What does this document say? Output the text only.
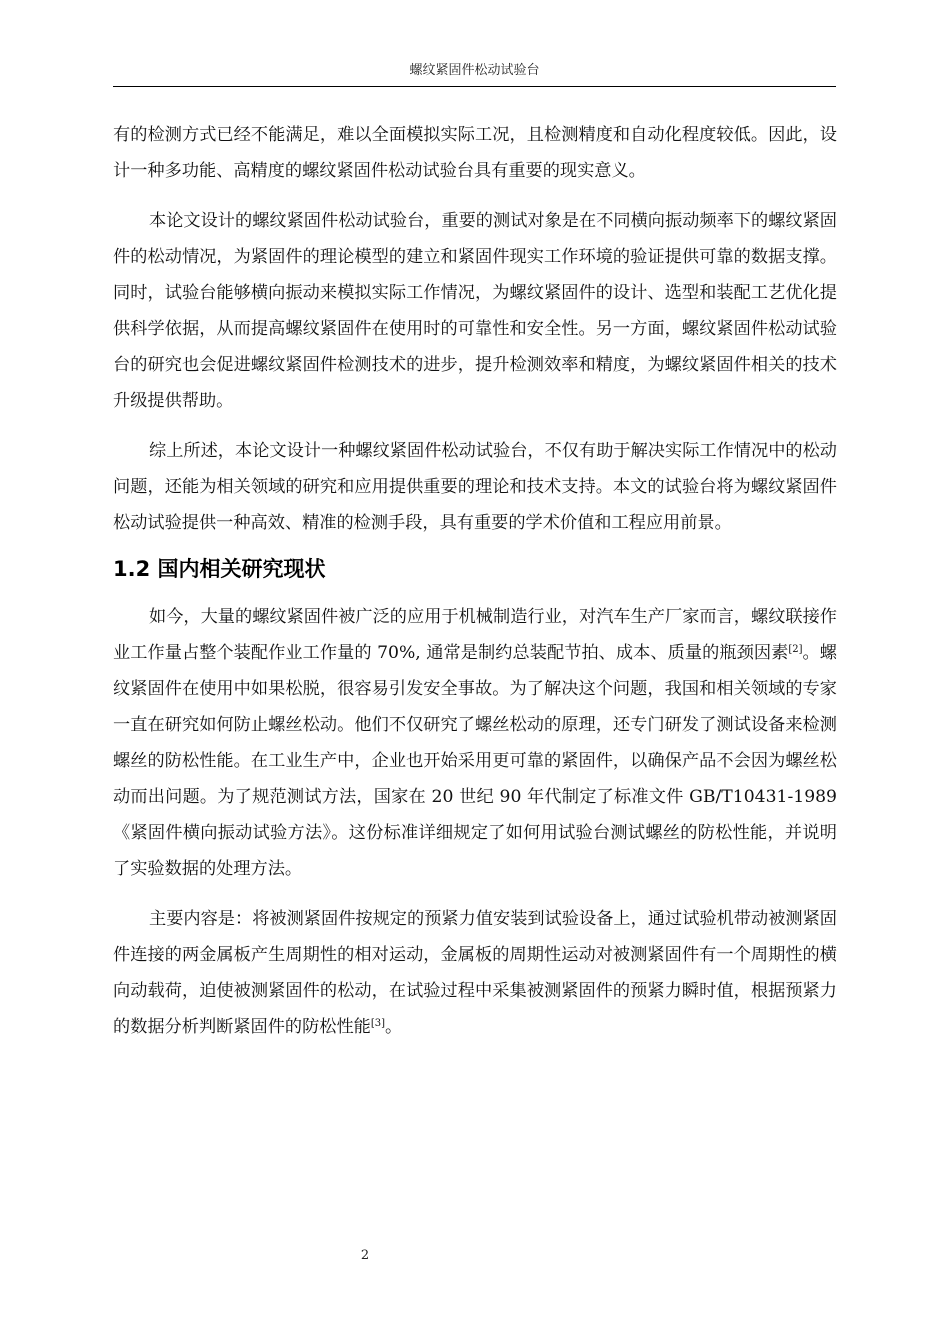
螺纹紧固件松动试验台

有的检测方式已经不能满足，难以全面模拟实际工况，且检测精度和自动化程度较低。因此，设计一种多功能、高精度的螺纹紧固件松动试验台具有重要的现实意义。

本论文设计的螺纹紧固件松动试验台，重要的测试对象是在不同横向振动频率下的螺纹紧固件的松动情况，为紧固件的理论模型的建立和紧固件现实工作环境的验证提供可靠的数据支撑。同时，试验台能够横向振动来模拟实际工作情况，为螺纹紧固件的设计、选型和装配工艺优化提供科学依据，从而提高螺纹紧固件在使用时的可靠性和安全性。另一方面，螺纹紧固件松动试验台的研究也会促进螺纹紧固件检测技术的进步，提升检测效率和精度，为螺纹紧固件相关的技术升级提供帮助。

综上所述，本论文设计一种螺纹紧固件松动试验台，不仅有助于解决实际工作情况中的松动问题，还能为相关领域的研究和应用提供重要的理论和技术支持。本文的试验台将为螺纹紧固件松动试验提供一种高效、精准的检测手段，具有重要的学术价值和工程应用前景。

1.2 国内相关研究现状

如今，大量的螺纹紧固件被广泛的应用于机械制造行业，对汽车生产厂家而言，螺纹联接作业工作量占整个装配作业工作量的 70%, 通常是制约总装配节拍、成本、质量的瓶颈因素[2]。螺纹紧固件在使用中如果松脱，很容易引发安全事故。为了解决这个问题，我国和相关领域的专家一直在研究如何防止螺丝松动。他们不仅研究了螺丝松动的原理，还专门研发了测试设备来检测螺丝的防松性能。在工业生产中，企业也开始采用更可靠的紧固件，以确保产品不会因为螺丝松动而出问题。为了规范测试方法，国家在 20 世纪 90 年代制定了标准文件 GB/T10431-1989《紧固件横向振动试验方法》。这份标准详细规定了如何用试验台测试螺丝的防松性能，并说明了实验数据的处理方法。

主要内容是：将被测紧固件按规定的预紧力值安装到试验设备上，通过试验机带动被测紧固件连接的两金属板产生周期性的相对运动，金属板的周期性运动对被测紧固件有一个周期性的横向动载荷，迫使被测紧固件的松动，在试验过程中采集被测紧固件的预紧力瞬时值，根据预紧力的数据分析判断紧固件的防松性能[3]。

2
